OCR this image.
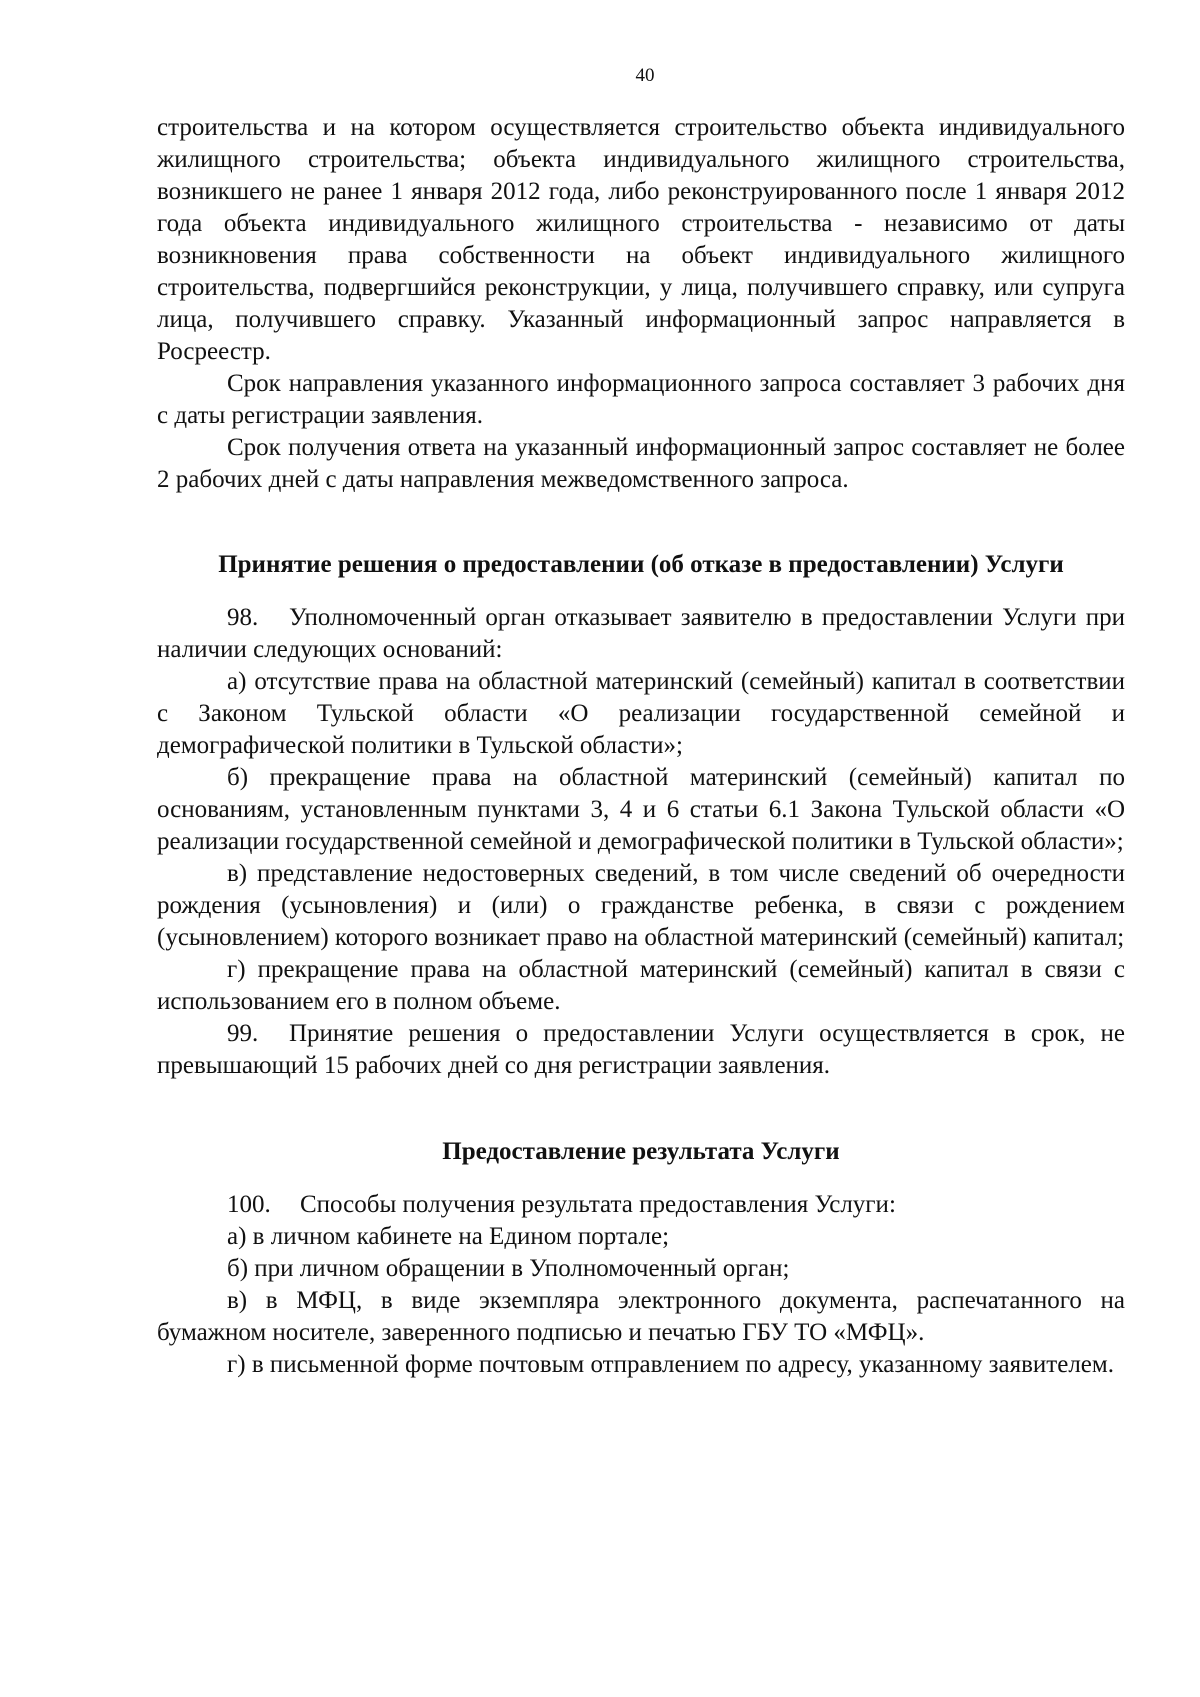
40

строительства и на котором осуществляется строительство объекта индивидуального жилищного строительства; объекта индивидуального жилищного строительства, возникшего не ранее 1 января 2012 года, либо реконструированного после 1 января 2012 года объекта индивидуального жилищного строительства - независимо от даты возникновения права собственности на объект индивидуального жилищного строительства, подвергшийся реконструкции, у лица, получившего справку, или супруга лица, получившего справку. Указанный информационный запрос направляется в Росреестр.

Срок направления указанного информационного запроса составляет 3 рабочих дня с даты регистрации заявления.

Срок получения ответа на указанный информационный запрос составляет не более 2 рабочих дней с даты направления межведомственного запроса.

Принятие решения о предоставлении (об отказе в предоставлении) Услуги

98. Уполномоченный орган отказывает заявителю в предоставлении Услуги при наличии следующих оснований:

а) отсутствие права на областной материнский (семейный) капитал в соответствии с Законом Тульской области «О реализации государственной семейной и демографической политики в Тульской области»;

б) прекращение права на областной материнский (семейный) капитал по основаниям, установленным пунктами 3, 4 и 6 статьи 6.1 Закона Тульской области «О реализации государственной семейной и демографической политики в Тульской области»;

в) представление недостоверных сведений, в том числе сведений об очередности рождения (усыновления) и (или) о гражданстве ребенка, в связи с рождением (усыновлением) которого возникает право на областной материнский (семейный) капитал;

г) прекращение права на областной материнский (семейный) капитал в связи с использованием его в полном объеме.

99. Принятие решения о предоставлении Услуги осуществляется в срок, не превышающий 15 рабочих дней со дня регистрации заявления.

Предоставление результата Услуги

100. Способы получения результата предоставления Услуги:

а) в личном кабинете на Едином портале;

б) при личном обращении в Уполномоченный орган;

в) в МФЦ, в виде экземпляра электронного документа, распечатанного на бумажном носителе, заверенного подписью и печатью ГБУ ТО «МФЦ».

г) в письменной форме почтовым отправлением по адресу, указанному заявителем.
